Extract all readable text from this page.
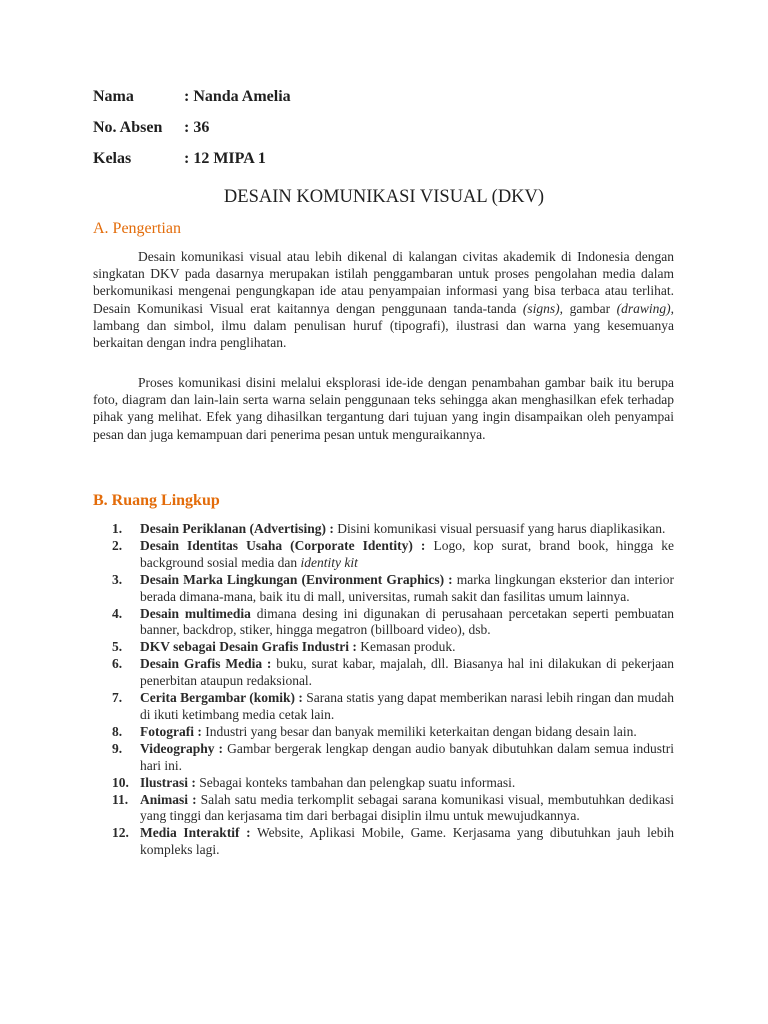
Nama	: Nanda Amelia
No. Absen : 36
Kelas	: 12 MIPA 1
DESAIN KOMUNIKASI VISUAL (DKV)
A. Pengertian

Desain komunikasi visual atau lebih dikenal di kalangan civitas akademik di Indonesia dengan singkatan DKV pada dasarnya merupakan istilah penggambaran untuk proses pengolahan media dalam berkomunikasi mengenai pengungkapan ide atau penyampaian informasi yang bisa terbaca atau terlihat. Desain Komunikasi Visual erat kaitannya dengan penggunaan tanda-tanda (signs), gambar (drawing), lambang dan simbol, ilmu dalam penulisan huruf (tipografi), ilustrasi dan warna yang kesemuanya berkaitan dengan indra penglihatan.

Proses komunikasi disini melalui eksplorasi ide-ide dengan penambahan gambar baik itu berupa foto, diagram dan lain-lain serta warna selain penggunaan teks sehingga akan menghasilkan efek terhadap pihak yang melihat. Efek yang dihasilkan tergantung dari tujuan yang ingin disampaikan oleh penyampai pesan dan juga kemampuan dari penerima pesan untuk menguraikannya.

B. Ruang Lingkup
1. Desain Periklanan (Advertising) : Disini komunikasi visual persuasif yang harus diaplikasikan.
2. Desain Identitas Usaha (Corporate Identity) : Logo, kop surat, brand book, hingga ke background sosial media dan identity kit
3. Desain Marka Lingkungan (Environment Graphics) : marka lingkungan eksterior dan interior berada dimana-mana, baik itu di mall, universitas, rumah sakit dan fasilitas umum lainnya.
4. Desain multimedia dimana desing ini digunakan di perusahaan percetakan seperti pembuatan banner, backdrop, stiker, hingga megatron (billboard video), dsb.
5. DKV sebagai Desain Grafis Industri : Kemasan produk.
6. Desain Grafis Media : buku, surat kabar, majalah, dll. Biasanya hal ini dilakukan di pekerjaan penerbitan ataupun redaksional.
7. Cerita Bergambar (komik) : Sarana statis yang dapat memberikan narasi lebih ringan dan mudah di ikuti ketimbang media cetak lain.
8. Fotografi : Industri yang besar dan banyak memiliki keterkaitan dengan bidang desain lain.
9. Videography : Gambar bergerak lengkap dengan audio banyak dibutuhkan dalam semua industri hari ini.
10. Ilustrasi : Sebagai konteks tambahan dan pelengkap suatu informasi.
11. Animasi : Salah satu media terkomplit sebagai sarana komunikasi visual, membutuhkan dedikasi yang tinggi dan kerjasama tim dari berbagai disiplin ilmu untuk mewujudkannya.
12. Media Interaktif : Website, Aplikasi Mobile, Game. Kerjasama yang dibutuhkan jauh lebih kompleks lagi.
